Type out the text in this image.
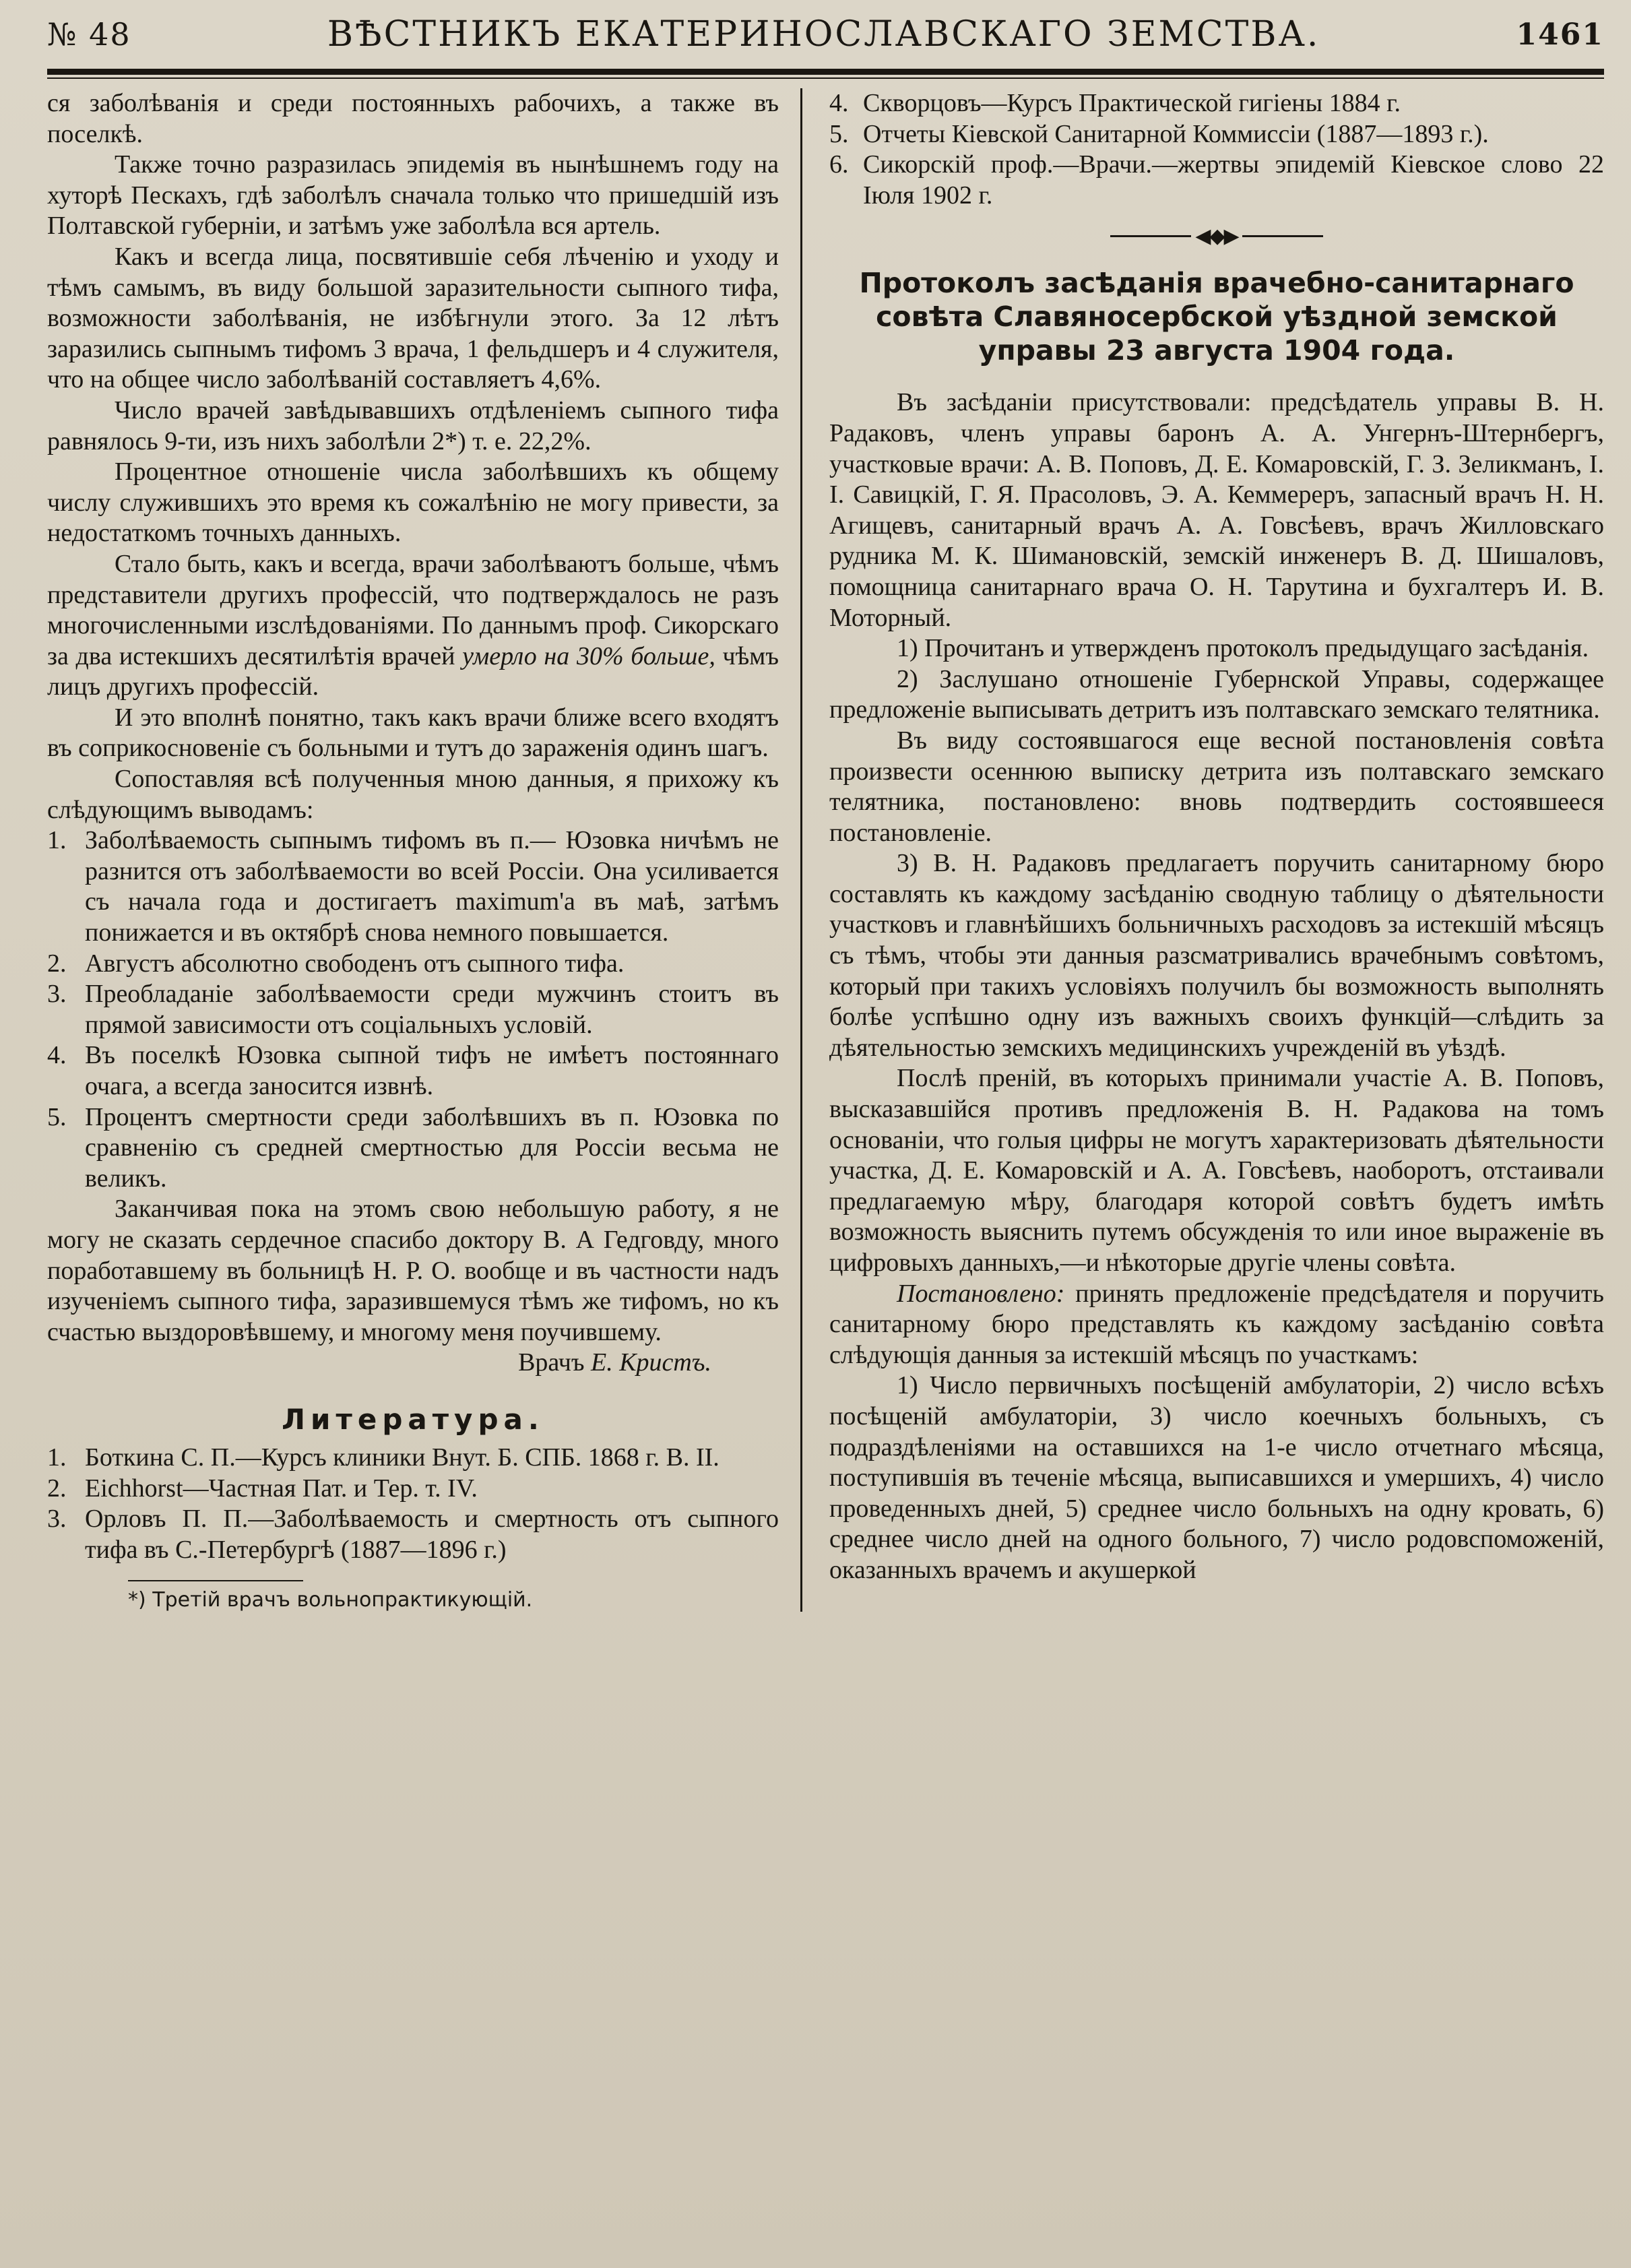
№ 48	ВѢСТНИКЪ ЕКАТЕРИНОСЛАВСКАГО ЗЕМСТВА.	1461

ся заболѣванія и среди постоянныхъ рабочихъ, а также въ поселкѣ.

Также точно разразилась эпидемія въ нынѣшнемъ году на хуторѣ Пескахъ, гдѣ заболѣлъ сначала только что пришедшій изъ Полтавской губерніи, и затѣмъ уже заболѣла вся артель.

Какъ и всегда лица, посвятившіе себя лѣченію и уходу и тѣмъ самымъ, въ виду большой заразительности сыпного тифа, возможности заболѣванія, не избѣгнули этого. За 12 лѣтъ заразились сыпнымъ тифомъ 3 врача, 1 фельдшеръ и 4 служителя, что на общее число заболѣваній составляетъ 4,6%.

Число врачей завѣдывавшихъ отдѣленіемъ сыпного тифа равнялось 9-ти, изъ нихъ заболѣли 2*) т. е. 22,2%.

Процентное отношеніе числа заболѣвшихъ къ общему числу служившихъ это время къ сожалѣнію не могу привести, за недостаткомъ точныхъ данныхъ.

Стало быть, какъ и всегда, врачи заболѣваютъ больше, чѣмъ представители другихъ профессій, что подтверждалось не разъ многочисленными изслѣдованіями. По даннымъ проф. Сикорскаго за два истекшихъ десятилѣтія врачей умерло на 30% больше, чѣмъ лицъ другихъ профессій.

И это вполнѣ понятно, такъ какъ врачи ближе всего входятъ въ соприкосновеніе съ больными и тутъ до зараженія одинъ шагъ.

Сопоставляя всѣ полученныя мною данныя, я прихожу къ слѣдующимъ выводамъ:

1. Заболѣваемость сыпнымъ тифомъ въ п.— Юзовка ничѣмъ не разнится отъ заболѣваемости во всей Россіи. Она усиливается съ начала года и достигаетъ maximum'а въ маѣ, затѣмъ понижается и въ октябрѣ снова немного повышается.
2. Августъ абсолютно свободенъ отъ сыпного тифа.
3. Преобладаніе заболѣваемости среди мужчинъ стоитъ въ прямой зависимости отъ соціальныхъ условій.
4. Въ поселкѣ Юзовка сыпной тифъ не имѣетъ постояннаго очага, а всегда заносится извнѣ.
5. Процентъ смертности среди заболѣвшихъ въ п. Юзовка по сравненію съ средней смертностью для Россіи весьма не великъ.

Заканчивая пока на этомъ свою небольшую работу, я не могу не сказать сердечное спасибо доктору В. А Гедговду, много поработавшему въ больницѣ Н. Р. О. вообще и въ частности надъ изученіемъ сыпного тифа, заразившемуся тѣмъ же тифомъ, но къ счастью выздоровѣвшему, и многому меня поучившему.

Врачъ Е. Кристъ.

Литература.
1. Боткина С. П.—Курсъ клиники Внут. Б. СПБ. 1868 г. В. II.
2. Eichhorst—Частная Пат. и Тер. т. IV.
3. Орловъ П. П.—Заболѣваемость и смертность отъ сыпного тифа въ С.-Петербургѣ (1887—1896 г.)
*) Третій врачъ вольнопрактикующій.
4. Скворцовъ—Курсъ Практической гигіены 1884 г.
5. Отчеты Кіевской Санитарной Коммиссіи (1887—1893 г.).
6. Сикорскій проф.—Врачи.—жертвы эпидемій Кіевское слово 22 Іюля 1902 г.
◀◆▶
Протоколъ засѣданія врачебно-санитарнаго совѣта Славяносербской уѣздной земской управы 23 августа 1904 года.

Въ засѣданіи присутствовали: предсѣдатель управы В. Н. Радаковъ, членъ управы баронъ А. А. Унгернъ-Штернбергъ, участковые врачи: А. В. Поповъ, Д. Е. Комаровскій, Г. З. Зеликманъ, І. І. Савицкій, Г. Я. Прасоловъ, Э. А. Кеммереръ, запасный врачъ Н. Н. Агищевъ, санитарный врачъ А. А. Говсѣевъ, врачъ Жилловскаго рудника М. К. Шимановскій, земскій инженеръ В. Д. Шишаловъ, помощница санитарнаго врача О. Н. Тарутина и бухгалтеръ И. В. Моторный.

1) Прочитанъ и утвержденъ протоколъ предыдущаго засѣданія.

2) Заслушано отношеніе Губернской Управы, содержащее предложеніе выписывать детритъ изъ полтавскаго земскаго телятника.

Въ виду состоявшагося еще весной постановленія совѣта произвести осеннюю выписку детрита изъ полтавскаго земскаго телятника, постановлено: вновь подтвердить состоявшееся постановленіе.

3) В. Н. Радаковъ предлагаетъ поручить санитарному бюро составлять къ каждому засѣданію сводную таблицу о дѣятельности участковъ и главнѣйшихъ больничныхъ расходовъ за истекшій мѣсяцъ съ тѣмъ, чтобы эти данныя разсматривались врачебнымъ совѣтомъ, который при такихъ условіяхъ получилъ бы возможность выполнять болѣе успѣшно одну изъ важныхъ своихъ функцій—слѣдить за дѣятельностью земскихъ медицинскихъ учрежденій въ уѣздѣ.

Послѣ преній, въ которыхъ принимали участіе А. В. Поповъ, высказавшійся противъ предложенія В. Н. Радакова на томъ основаніи, что голыя цифры не могутъ характеризовать дѣятельности участка, Д. Е. Комаровскій и А. А. Говсѣевъ, наоборотъ, отстаивали предлагаемую мѣру, благодаря которой совѣтъ будетъ имѣть возможность выяснить путемъ обсужденія то или иное выраженіе въ цифровыхъ данныхъ,—и нѣкоторые другіе члены совѣта.

Постановлено: принять предложеніе предсѣдателя и поручить санитарному бюро представлять къ каждому засѣданію совѣта слѣдующія данныя за истекшій мѣсяцъ по участкамъ:

1) Число первичныхъ посѣщеній амбулаторіи, 2) число всѣхъ посѣщеній амбулаторіи, 3) число коечныхъ больныхъ, съ подраздѣленіями на оставшихся на 1-е число отчетнаго мѣсяца, поступившія въ теченіе мѣсяца, выписавшихся и умершихъ, 4) число проведенныхъ дней, 5) среднее число больныхъ на одну кровать, 6) среднее число дней на одного больного, 7) число родовспоможеній, оказанныхъ врачемъ и акушеркой
